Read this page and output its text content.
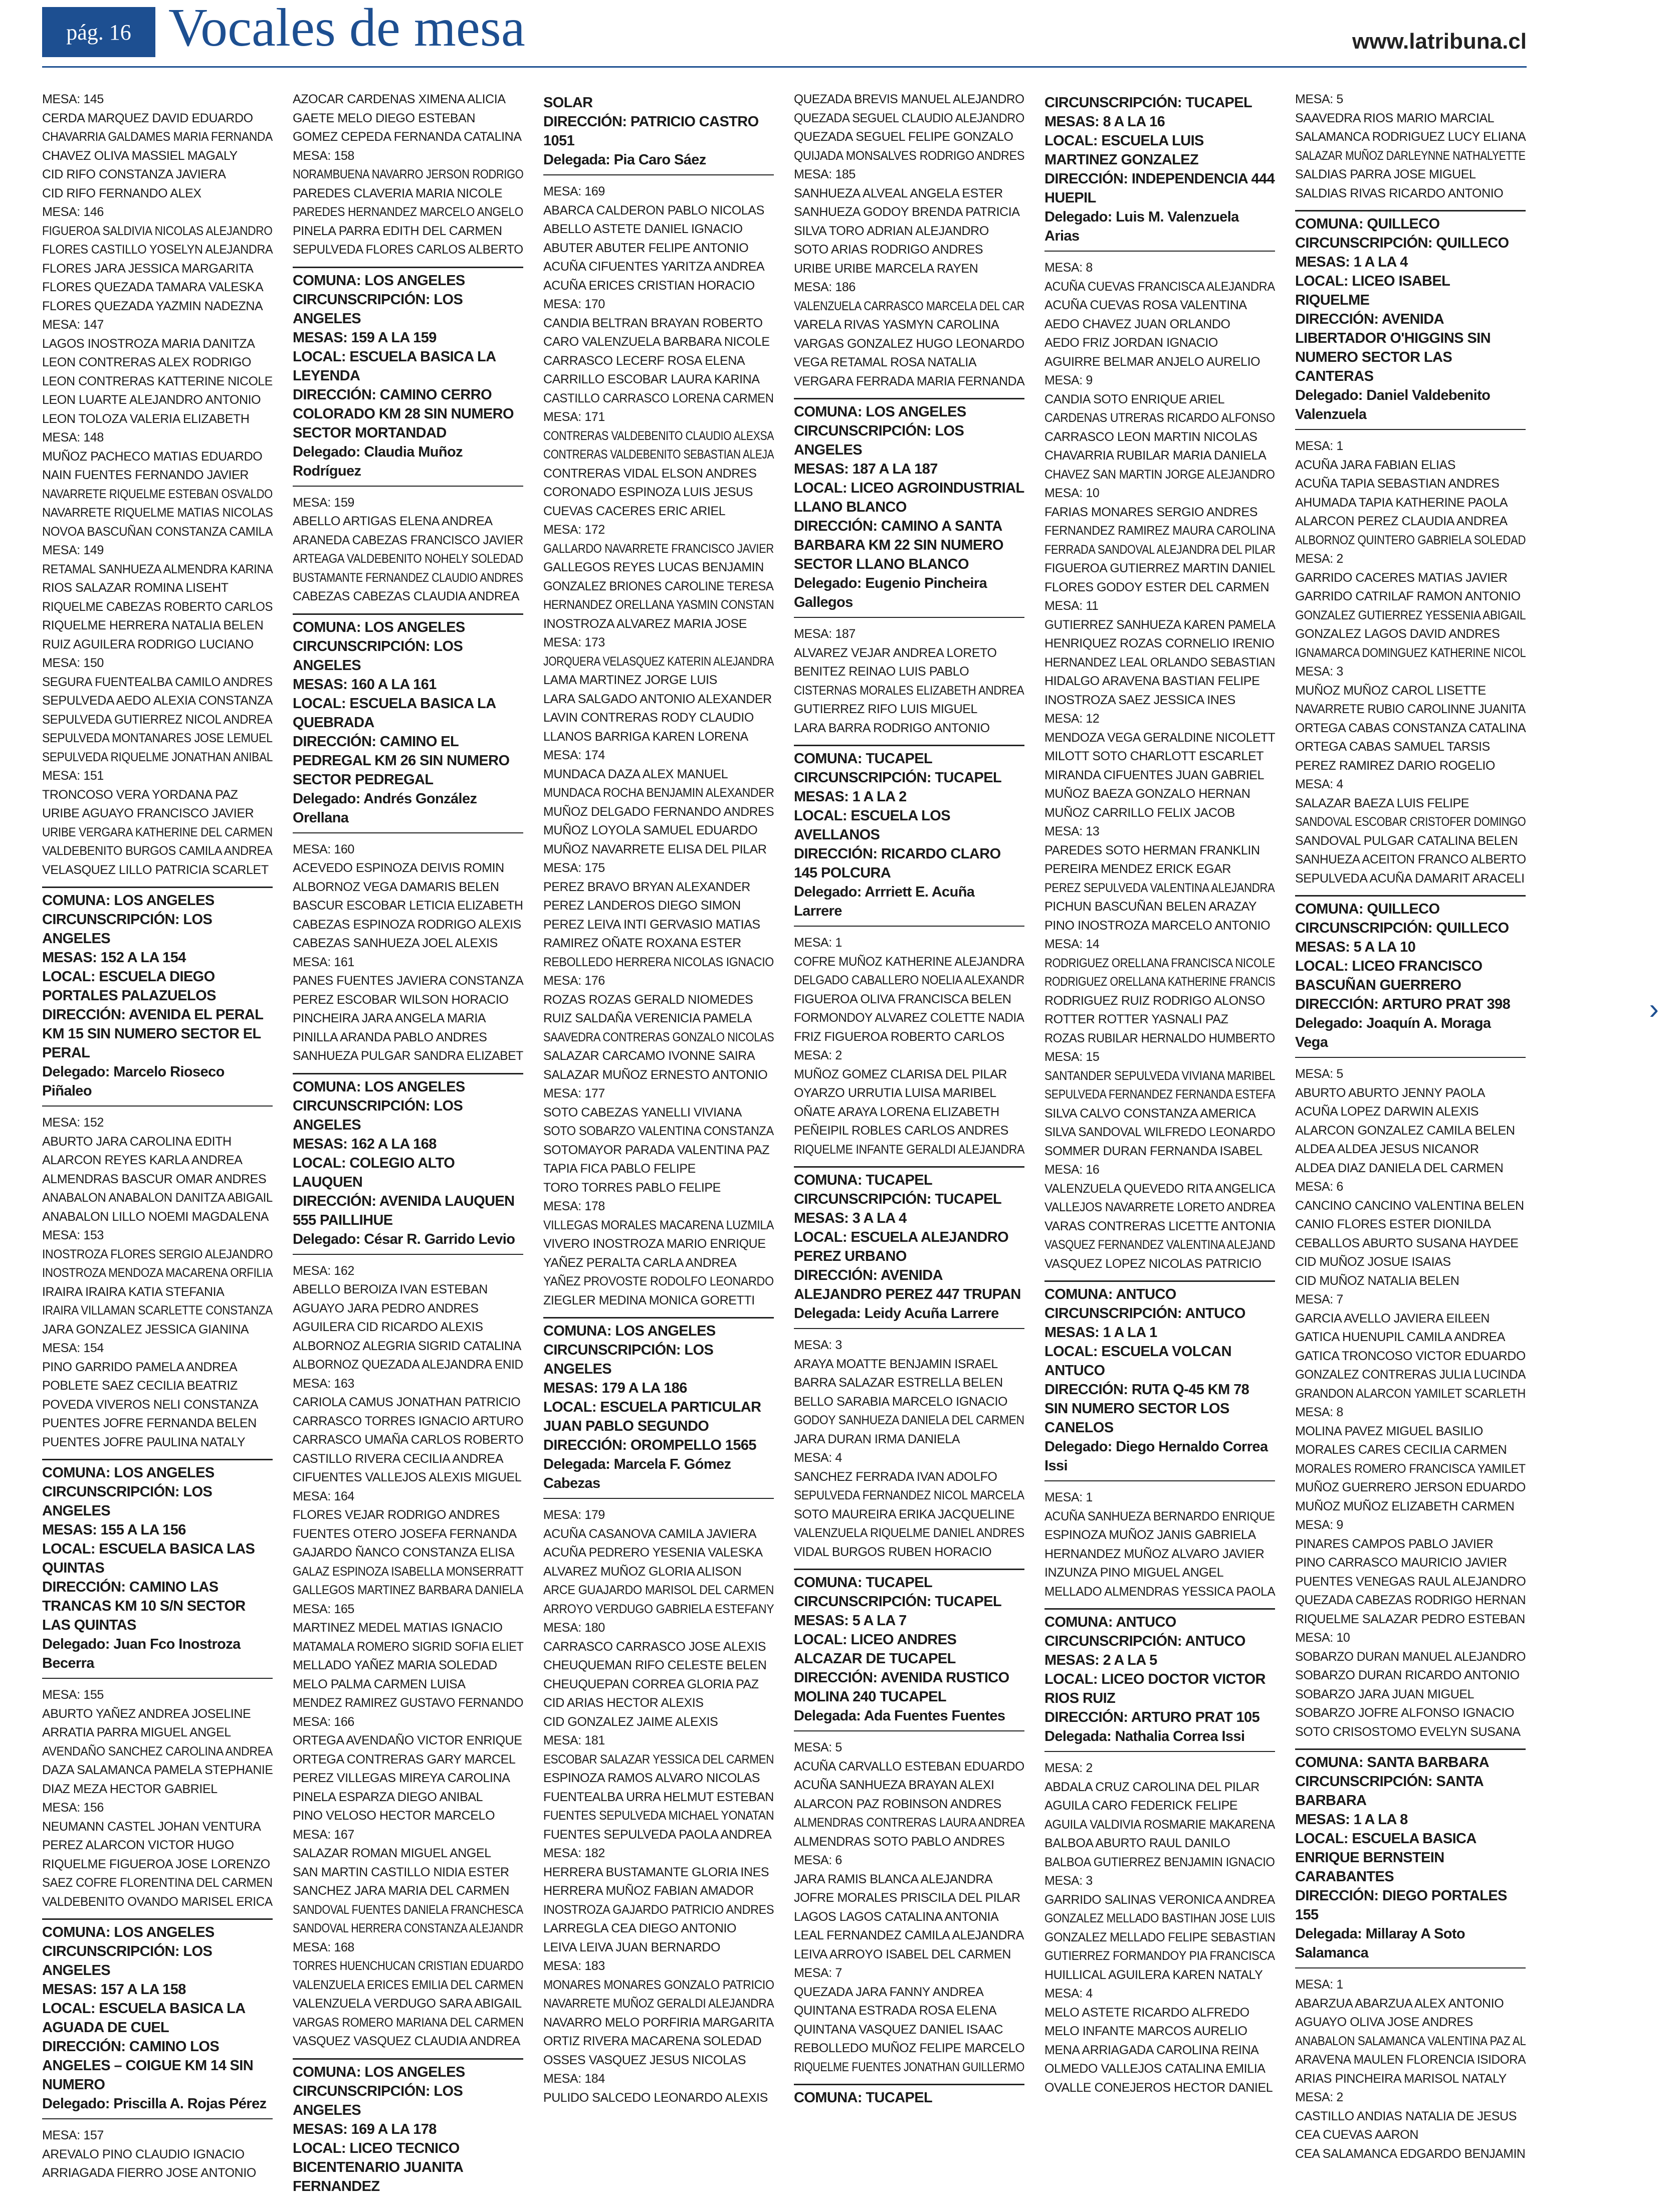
pág. 16 Vocales de mesa	www.latribuna.cl
MESA: 145
CERDA MARQUEZ DAVID EDUARDO
CHAVARRIA GALDAMES MARIA FERNANDA
CHAVEZ OLIVA MASSIEL MAGALY
CID RIFO CONSTANZA JAVIERA
CID RIFO FERNANDO ALEX
MESA: 146
FIGUEROA SALDIVIA NICOLAS ALEJANDRO
FLORES CASTILLO YOSELYN ALEJANDRA
FLORES JARA JESSICA MARGARITA
FLORES QUEZADA TAMARA VALESKA
FLORES QUEZADA YAZMIN NADEZNA
MESA: 147
LAGOS INOSTROZA MARIA DANITZA
LEON CONTRERAS ALEX RODRIGO
LEON CONTRERAS KATTERINE NICOLE
LEON LUARTE ALEJANDRO ANTONIO
LEON TOLOZA VALERIA ELIZABETH
MESA: 148
MUÑOZ PACHECO MATIAS EDUARDO
NAIN FUENTES FERNANDO JAVIER
NAVARRETE RIQUELME ESTEBAN OSVALDO
NAVARRETE RIQUELME MATIAS NICOLAS
NOVOA BASCUÑAN CONSTANZA CAMILA
MESA: 149
RETAMAL SANHUEZA ALMENDRA KARINA
RIOS SALAZAR ROMINA LISEHT
RIQUELME CABEZAS ROBERTO CARLOS
RIQUELME HERRERA NATALIA BELEN
RUIZ AGUILERA RODRIGO LUCIANO
MESA: 150
SEGURA FUENTEALBA CAMILO ANDRES
SEPULVEDA AEDO ALEXIA CONSTANZA
SEPULVEDA GUTIERREZ NICOL ANDREA
SEPULVEDA MONTANARES JOSE LEMUEL
SEPULVEDA RIQUELME JONATHAN ANIBAL
MESA: 151
TRONCOSO VERA YORDANA PAZ
URIBE AGUAYO FRANCISCO JAVIER
URIBE VERGARA KATHERINE DEL CARMEN
VALDEBENITO BURGOS CAMILA ANDREA
VELASQUEZ LILLO PATRICIA SCARLET
COMUNA: LOS ANGELES
CIRCUNSCRIPCIÓN: LOS ANGELES
MESAS: 152 A LA 154
LOCAL: ESCUELA DIEGO PORTALES PALAZUELOS
DIRECCIÓN: AVENIDA EL PERAL KM 15 SIN NUMERO SECTOR EL PERAL
Delegado: Marcelo Rioseco Piñaleo
MESA: 152
ABURTO JARA CAROLINA EDITH
ALARCON REYES KARLA ANDREA
ALMENDRAS BASCUR OMAR ANDRES
ANABALON ANABALON DANITZA ABIGAIL
ANABALON LILLO NOEMI MAGDALENA
MESA: 153
INOSTROZA FLORES SERGIO ALEJANDRO
INOSTROZA MENDOZA MACARENA ORFILIA
IRAIRA IRAIRA KATIA STEFANIA
IRAIRA VILLAMAN SCARLETTE CONSTANZA
JARA GONZALEZ JESSICA GIANINA
MESA: 154
PINO GARRIDO PAMELA ANDREA
POBLETE SAEZ CECILIA BEATRIZ
POVEDA VIVEROS NELI CONSTANZA
PUENTES JOFRE FERNANDA BELEN
PUENTES JOFRE PAULINA NATALY
COMUNA: LOS ANGELES
CIRCUNSCRIPCIÓN: LOS ANGELES
MESAS: 155 A LA 156
LOCAL: ESCUELA BASICA LAS QUINTAS
DIRECCIÓN: CAMINO LAS TRANCAS KM 10 S/N SECTOR LAS QUINTAS
Delegado: Juan Fco Inostroza Becerra
MESA: 155
ABURTO YAÑEZ ANDREA JOSELINE
ARRATIA PARRA MIGUEL ANGEL
AVENDAÑO SANCHEZ CAROLINA ANDREA
DAZA SALAMANCA PAMELA STEPHANIE
DIAZ MEZA HECTOR GABRIEL
MESA: 156
NEUMANN CASTEL JOHAN VENTURA
PEREZ ALARCON VICTOR HUGO
RIQUELME FIGUEROA JOSE LORENZO
SAEZ COFRE FLORENTINA DEL CARMEN
VALDEBENITO OVANDO MARISEL ERICA
COMUNA: LOS ANGELES
CIRCUNSCRIPCIÓN: LOS ANGELES
MESAS: 157 A LA 158
LOCAL: ESCUELA BASICA LA AGUADA DE CUEL
DIRECCIÓN: CAMINO LOS ANGELES – COIGUE KM 14 SIN NUMERO
Delegado: Priscilla A. Rojas Pérez
MESA: 157
AREVALO PINO CLAUDIO IGNACIO
ARRIAGADA FIERRO JOSE ANTONIO
AZOCAR CARDENAS XIMENA ALICIA
GAETE MELO DIEGO ESTEBAN
GOMEZ CEPEDA FERNANDA CATALINA
MESA: 158
NORAMBUENA NAVARRO JERSON RODRIGO
PAREDES CLAVERIA MARIA NICOLE
PAREDES HERNANDEZ MARCELO ANGELO
PINELA PARRA EDITH DEL CARMEN
SEPULVEDA FLORES CARLOS ALBERTO
COMUNA: LOS ANGELES
CIRCUNSCRIPCIÓN: LOS ANGELES
MESAS: 159 A LA 159
LOCAL: ESCUELA BASICA LA LEYENDA
DIRECCIÓN: CAMINO CERRO COLORADO KM 28 SIN NUMERO SECTOR MORTANDAD
Delegado: Claudia Muñoz Rodríguez
MESA: 159
ABELLO ARTIGAS ELENA ANDREA
ARANEDA CABEZAS FRANCISCO JAVIER
ARTEAGA VALDEBENITO NOHELY SOLEDAD
BUSTAMANTE FERNANDEZ CLAUDIO ANDRES
CABEZAS CABEZAS CLAUDIA ANDREA
COMUNA: LOS ANGELES
CIRCUNSCRIPCIÓN: LOS ANGELES
MESAS: 160 A LA 161
LOCAL: ESCUELA BASICA LA QUEBRADA
DIRECCIÓN: CAMINO EL PEDREGAL KM 26 SIN NUMERO SECTOR PEDREGAL
Delegado: Andrés González Orellana
MESA: 160
ACEVEDO ESPINOZA DEIVIS ROMIN
ALBORNOZ VEGA DAMARIS BELEN
BASCUR ESCOBAR LETICIA ELIZABETH
CABEZAS ESPINOZA RODRIGO ALEXIS
CABEZAS SANHUEZA JOEL ALEXIS
MESA: 161
PANES FUENTES JAVIERA CONSTANZA
PEREZ ESCOBAR WILSON HORACIO
PINCHEIRA JARA ANGELA MARIA
PINILLA ARANDA PABLO ANDRES
SANHUEZA PULGAR SANDRA ELIZABET
COMUNA: LOS ANGELES
CIRCUNSCRIPCIÓN: LOS ANGELES
MESAS: 162 A LA 168
LOCAL: COLEGIO ALTO LAUQUEN
DIRECCIÓN: AVENIDA LAUQUEN 555 PAILLIHUE
Delegado: César R. Garrido Levio
MESA: 162
ABELLO BEROIZA IVAN ESTEBAN
AGUAYO JARA PEDRO ANDRES
AGUILERA CID RICARDO ALEXIS
ALBORNOZ ALEGRIA SIGRID CATALINA
ALBORNOZ QUEZADA ALEJANDRA ENID
MESA: 163
CARIOLA CAMUS JONATHAN PATRICIO
CARRASCO TORRES IGNACIO ARTURO
CARRASCO UMAÑA CARLOS ROBERTO
CASTILLO RIVERA CECILIA ANDREA
CIFUENTES VALLEJOS ALEXIS MIGUEL
MESA: 164
FLORES VEJAR RODRIGO ANDRES
FUENTES OTERO JOSEFA FERNANDA
GAJARDO ÑANCO CONSTANZA ELISA
GALAZ ESPINOZA ISABELLA MONSERRATT
GALLEGOS MARTINEZ BARBARA DANIELA
MESA: 165
MARTINEZ MEDEL MATIAS IGNACIO
MATAMALA ROMERO SIGRID SOFIA ELIET
MELLADO YAÑEZ MARIA SOLEDAD
MELO PALMA CARMEN LUISA
MENDEZ RAMIREZ GUSTAVO FERNANDO
MESA: 166
ORTEGA AVENDAÑO VICTOR ENRIQUE
ORTEGA CONTRERAS GARY MARCEL
PEREZ VILLEGAS MIREYA CAROLINA
PINELA ESPARZA DIEGO ANIBAL
PINO VELOSO HECTOR MARCELO
MESA: 167
SALAZAR ROMAN MIGUEL ANGEL
SAN MARTIN CASTILLO NIDIA ESTER
SANCHEZ JARA MARIA DEL CARMEN
SANDOVAL FUENTES DANIELA FRANCHESCA
SANDOVAL HERRERA CONSTANZA ALEJANDR
MESA: 168
TORRES HUENCHUCAN CRISTIAN EDUARDO
VALENZUELA ERICES EMILIA DEL CARMEN
VALENZUELA VERDUGO SARA ABIGAIL
VARGAS ROMERO MARIANA DEL CARMEN
VASQUEZ VASQUEZ CLAUDIA ANDREA
COMUNA: LOS ANGELES
CIRCUNSCRIPCIÓN: LOS ANGELES
MESAS: 169 A LA 178
LOCAL: LICEO TECNICO BICENTENARIO JUANITA FERNANDEZ
SOLAR
DIRECCIÓN: PATRICIO CASTRO 1051
Delegada: Pia Caro Sáez
MESA: 169
ABARCA CALDERON PABLO NICOLAS
ABELLO ASTETE DANIEL IGNACIO
ABUTER ABUTER FELIPE ANTONIO
ACUÑA CIFUENTES YARITZA ANDREA
ACUÑA ERICES CRISTIAN HORACIO
MESA: 170
CANDIA BELTRAN BRAYAN ROBERTO
CARO VALENZUELA BARBARA NICOLE
CARRASCO LECERF ROSA ELENA
CARRILLO ESCOBAR LAURA KARINA
CASTILLO CARRASCO LORENA CARMEN
MESA: 171
CONTRERAS VALDEBENITO CLAUDIO ALEXSA
CONTRERAS VALDEBENITO SEBASTIAN ALEJA
CONTRERAS VIDAL ELSON ANDRES
CORONADO ESPINOZA LUIS JESUS
CUEVAS CACERES ERIC ARIEL
MESA: 172
GALLARDO NAVARRETE FRANCISCO JAVIER
GALLEGOS REYES LUCAS BENJAMIN
GONZALEZ BRIONES CAROLINE TERESA
HERNANDEZ ORELLANA YASMIN CONSTAN
INOSTROZA ALVAREZ MARIA JOSE
MESA: 173
JORQUERA VELASQUEZ KATERIN ALEJANDRA
LAMA MARTINEZ JORGE LUIS
LARA SALGADO ANTONIO ALEXANDER
LAVIN CONTRERAS RODY CLAUDIO
LLANOS BARRIGA KAREN LORENA
MESA: 174
MUNDACA DAZA ALEX MANUEL
MUNDACA ROCHA BENJAMIN ALEXANDER
MUÑOZ DELGADO FERNANDO ANDRES
MUÑOZ LOYOLA SAMUEL EDUARDO
MUÑOZ NAVARRETE ELISA DEL PILAR
MESA: 175
PEREZ BRAVO BRYAN ALEXANDER
PEREZ LANDEROS DIEGO SIMON
PEREZ LEIVA INTI GERVASIO MATIAS
RAMIREZ OÑATE ROXANA ESTER
REBOLLEDO HERRERA NICOLAS IGNACIO
MESA: 176
ROZAS ROZAS GERALD NIOMEDES
RUIZ SALDAÑA VERENICIA PAMELA
SAAVEDRA CONTRERAS GONZALO NICOLAS
SALAZAR CARCAMO IVONNE SAIRA
SALAZAR MUÑOZ ERNESTO ANTONIO
MESA: 177
SOTO CABEZAS YANELLI VIVIANA
SOTO SOBARZO VALENTINA CONSTANZA
SOTOMAYOR PARADA VALENTINA PAZ
TAPIA FICA PABLO FELIPE
TORO TORRES PABLO FELIPE
MESA: 178
VILLEGAS MORALES MACARENA LUZMILA
VIVERO INOSTROZA MARIO ENRIQUE
YAÑEZ PERALTA CARLA ANDREA
YAÑEZ PROVOSTE RODOLFO LEONARDO
ZIEGLER MEDINA MONICA GORETTI
COMUNA: LOS ANGELES
CIRCUNSCRIPCIÓN: LOS ANGELES
MESAS: 179 A LA 186
LOCAL: ESCUELA PARTICULAR JUAN PABLO SEGUNDO
DIRECCIÓN: OROMPELLO 1565
Delegada: Marcela F. Gómez Cabezas
MESA: 179
ACUÑA CASANOVA CAMILA JAVIERA
ACUÑA PEDRERO YESENIA VALESKA
ALVAREZ MUÑOZ GLORIA ALISON
ARCE GUAJARDO MARISOL DEL CARMEN
ARROYO VERDUGO GABRIELA ESTEFANY
MESA: 180
CARRASCO CARRASCO JOSE ALEXIS
CHEUQUEMAN RIFO CELESTE BELEN
CHEUQUEPAN CORREA GLORIA PAZ
CID ARIAS HECTOR ALEXIS
CID GONZALEZ JAIME ALEXIS
MESA: 181
ESCOBAR SALAZAR YESSICA DEL CARMEN
ESPINOZA RAMOS ALVARO NICOLAS
FUENTEALBA URRA HELMUT ESTEBAN
FUENTES SEPULVEDA MICHAEL YONATAN
FUENTES SEPULVEDA PAOLA ANDREA
MESA: 182
HERRERA BUSTAMANTE GLORIA INES
HERRERA MUÑOZ FABIAN AMADOR
INOSTROZA GAJARDO PATRICIO ANDRES
LARREGLA CEA DIEGO ANTONIO
LEIVA LEIVA JUAN BERNARDO
MESA: 183
MONARES MONARES GONZALO PATRICIO
NAVARRETE MUÑOZ GERALDI ALEJANDRA
NAVARRO MELO PORFIRIA MARGARITA
ORTIZ RIVERA MACARENA SOLEDAD
OSSES VASQUEZ JESUS NICOLAS
MESA: 184
PULIDO SALCEDO LEONARDO ALEXIS
QUEZADA BREVIS MANUEL ALEJANDRO
QUEZADA SEGUEL CLAUDIO ALEJANDRO
QUEZADA SEGUEL FELIPE GONZALO
QUIJADA MONSALVES RODRIGO ANDRES
MESA: 185
SANHUEZA ALVEAL ANGELA ESTER
SANHUEZA GODOY BRENDA PATRICIA
SILVA TORO ADRIAN ALEJANDRO
SOTO ARIAS RODRIGO ANDRES
URIBE URIBE MARCELA RAYEN
MESA: 186
VALENZUELA CARRASCO MARCELA DEL CAR
VARELA RIVAS YASMYN CAROLINA
VARGAS GONZALEZ HUGO LEONARDO
VEGA RETAMAL ROSA NATALIA
VERGARA FERRADA MARIA FERNANDA
COMUNA: LOS ANGELES
CIRCUNSCRIPCIÓN: LOS ANGELES
MESAS: 187 A LA 187
LOCAL: LICEO AGROINDUSTRIAL LLANO BLANCO
DIRECCIÓN: CAMINO A SANTA BARBARA KM 22 SIN NUMERO SECTOR LLANO BLANCO
Delegado: Eugenio Pincheira Gallegos
MESA: 187
ALVAREZ VEJAR ANDREA LORETO
BENITEZ REINAO LUIS PABLO
CISTERNAS MORALES ELIZABETH ANDREA
GUTIERREZ RIFO LUIS MIGUEL
LARA BARRA RODRIGO ANTONIO
COMUNA: TUCAPEL
CIRCUNSCRIPCIÓN: TUCAPEL
MESAS: 1 A LA 2
LOCAL: ESCUELA LOS AVELLANOS
DIRECCIÓN: RICARDO CLARO 145 POLCURA
Delegado: Arrriett E. Acuña Larrere
MESA: 1
COFRE MUÑOZ KATHERINE ALEJANDRA
DELGADO CABALLERO NOELIA ALEXANDR
FIGUEROA OLIVA FRANCISCA BELEN
FORMONDOY ALVAREZ COLETTE NADIA
FRIZ FIGUEROA ROBERTO CARLOS
MESA: 2
MUÑOZ GOMEZ CLARISA DEL PILAR
OYARZO URRUTIA LUISA MARIBEL
OÑATE ARAYA LORENA ELIZABETH
PEÑEIPIL ROBLES CARLOS ANDRES
RIQUELME INFANTE GERALDI ALEJANDRA
COMUNA: TUCAPEL
CIRCUNSCRIPCIÓN: TUCAPEL
MESAS: 3 A LA 4
LOCAL: ESCUELA ALEJANDRO PEREZ URBANO
DIRECCIÓN: AVENIDA ALEJANDRO PEREZ 447 TRUPAN
Delegada: Leidy Acuña Larrere
MESA: 3
ARAYA MOATTE BENJAMIN ISRAEL
BARRA SALAZAR ESTRELLA BELEN
BELLO SARABIA MARCELO IGNACIO
GODOY SANHUEZA DANIELA DEL CARMEN
JARA DURAN IRMA DANIELA
MESA: 4
SANCHEZ FERRADA IVAN ADOLFO
SEPULVEDA FERNANDEZ NICOL MARCELA
SOTO MAUREIRA ERIKA JACQUELINE
VALENZUELA RIQUELME DANIEL ANDRES
VIDAL BURGOS RUBEN HORACIO
COMUNA: TUCAPEL
CIRCUNSCRIPCIÓN: TUCAPEL
MESAS: 5 A LA 7
LOCAL: LICEO ANDRES ALCAZAR DE TUCAPEL
DIRECCIÓN: AVENIDA RUSTICO MOLINA 240 TUCAPEL
Delegada: Ada Fuentes Fuentes
MESA: 5
ACUÑA CARVALLO ESTEBAN EDUARDO
ACUÑA SANHUEZA BRAYAN ALEXI
ALARCON PAZ ROBINSON ANDRES
ALMENDRAS CONTRERAS LAURA ANDREA
ALMENDRAS SOTO PABLO ANDRES
MESA: 6
JARA RAMIS BLANCA ALEJANDRA
JOFRE MORALES PRISCILA DEL PILAR
LAGOS LAGOS CATALINA ANTONIA
LEAL FERNANDEZ CAMILA ALEJANDRA
LEIVA ARROYO ISABEL DEL CARMEN
MESA: 7
QUEZADA JARA FANNY ANDREA
QUINTANA ESTRADA ROSA ELENA
QUINTANA VASQUEZ DANIEL ISAAC
REBOLLEDO MUÑOZ FELIPE MARCELO
RIQUELME FUENTES JONATHAN GUILLERMO
COMUNA: TUCAPEL
CIRCUNSCRIPCIÓN: TUCAPEL
MESAS: 8 A LA 16
LOCAL: ESCUELA LUIS MARTINEZ GONZALEZ
DIRECCIÓN: INDEPENDENCIA 444 HUEPIL
Delegado: Luis M. Valenzuela Arias
MESA: 8
ACUÑA CUEVAS FRANCISCA ALEJANDRA
ACUÑA CUEVAS ROSA VALENTINA
AEDO CHAVEZ JUAN ORLANDO
AEDO FRIZ JORDAN IGNACIO
AGUIRRE BELMAR ANJELO AURELIO
MESA: 9
CANDIA SOTO ENRIQUE ARIEL
CARDENAS UTRERAS RICARDO ALFONSO
CARRASCO LEON MARTIN NICOLAS
CHAVARRIA RUBILAR MARIA DANIELA
CHAVEZ SAN MARTIN JORGE ALEJANDRO
MESA: 10
FARIAS MONARES SERGIO ANDRES
FERNANDEZ RAMIREZ MAURA CAROLINA
FERRADA SANDOVAL ALEJANDRA DEL PILAR
FIGUEROA GUTIERREZ MARTIN DANIEL
FLORES GODOY ESTER DEL CARMEN
MESA: 11
GUTIERREZ SANHUEZA KAREN PAMELA
HENRIQUEZ ROZAS CORNELIO IRENIO
HERNANDEZ LEAL ORLANDO SEBASTIAN
HIDALGO ARAVENA BASTIAN FELIPE
INOSTROZA SAEZ JESSICA INES
MESA: 12
MENDOZA VEGA GERALDINE NICOLETT
MILOTT SOTO CHARLOTT ESCARLET
MIRANDA CIFUENTES JUAN GABRIEL
MUÑOZ BAEZA GONZALO HERNAN
MUÑOZ CARRILLO FELIX JACOB
MESA: 13
PAREDES SOTO HERMAN FRANKLIN
PEREIRA MENDEZ ERICK EGAR
PEREZ SEPULVEDA VALENTINA ALEJANDRA
PICHUN BASCUÑAN BELEN ARAZAY
PINO INOSTROZA MARCELO ANTONIO
MESA: 14
RODRIGUEZ ORELLANA FRANCISCA NICOLE
RODRIGUEZ ORELLANA KATHERINE FRANCIS
RODRIGUEZ RUIZ RODRIGO ALONSO
ROTTER ROTTER YASNALI PAZ
ROZAS RUBILAR HERNALDO HUMBERTO
MESA: 15
SANTANDER SEPULVEDA VIVIANA MARIBEL
SEPULVEDA FERNANDEZ FERNANDA ESTEFA
SILVA CALVO CONSTANZA AMERICA
SILVA SANDOVAL WILFREDO LEONARDO
SOMMER DURAN FERNANDA ISABEL
MESA: 16
VALENZUELA QUEVEDO RITA ANGELICA
VALLEJOS NAVARRETE LORETO ANDREA
VARAS CONTRERAS LICETTE ANTONIA
VASQUEZ FERNANDEZ VALENTINA ALEJAND
VASQUEZ LOPEZ NICOLAS PATRICIO
COMUNA: ANTUCO
CIRCUNSCRIPCIÓN: ANTUCO
MESAS: 1 A LA 1
LOCAL: ESCUELA VOLCAN ANTUCO
DIRECCIÓN: RUTA Q-45 KM 78 SIN NUMERO SECTOR LOS CANELOS
Delegado: Diego Hernaldo Correa Issi
MESA: 1
ACUÑA SANHUEZA BERNARDO ENRIQUE
ESPINOZA MUÑOZ JANIS GABRIELA
HERNANDEZ MUÑOZ ALVARO JAVIER
INZUNZA PINO MIGUEL ANGEL
MELLADO ALMENDRAS YESSICA PAOLA
COMUNA: ANTUCO
CIRCUNSCRIPCIÓN: ANTUCO
MESAS: 2 A LA 5
LOCAL: LICEO DOCTOR VICTOR RIOS RUIZ
DIRECCIÓN: ARTURO PRAT 105
Delegada: Nathalia Correa Issi
MESA: 2
ABDALA CRUZ CAROLINA DEL PILAR
AGUILA CARO FEDERICK FELIPE
AGUILA VALDIVIA ROSMARIE MAKARENA
BALBOA ABURTO RAUL DANILO
BALBOA GUTIERREZ BENJAMIN IGNACIO
MESA: 3
GARRIDO SALINAS VERONICA ANDREA
GONZALEZ MELLADO BASTIHAN JOSE LUIS
GONZALEZ MELLADO FELIPE SEBASTIAN
GUTIERREZ FORMANDOY PIA FRANCISCA
HUILLICAL AGUILERA KAREN NATALY
MESA: 4
MELO ASTETE RICARDO ALFREDO
MELO INFANTE MARCOS AURELIO
MENA ARRIAGADA CAROLINA REINA
OLMEDO VALLEJOS CATALINA EMILIA
OVALLE CONEJEROS HECTOR DANIEL
MESA: 5
SAAVEDRA RIOS MARIO MARCIAL
SALAMANCA RODRIGUEZ LUCY ELIANA
SALAZAR MUÑOZ DARLEYNNE NATHALYETTE
SALDIAS PARRA JOSE MIGUEL
SALDIAS RIVAS RICARDO ANTONIO
COMUNA: QUILLECO
CIRCUNSCRIPCIÓN: QUILLECO
MESAS: 1 A LA 4
LOCAL: LICEO ISABEL RIQUELME
DIRECCIÓN: AVENIDA LIBERTADOR O'HIGGINS SIN NUMERO SECTOR LAS CANTERAS
Delegado: Daniel Valdebenito Valenzuela
MESA: 1
ACUÑA JARA FABIAN ELIAS
ACUÑA TAPIA SEBASTIAN ANDRES
AHUMADA TAPIA KATHERINE PAOLA
ALARCON PEREZ CLAUDIA ANDREA
ALBORNOZ QUINTERO GABRIELA SOLEDAD
MESA: 2
GARRIDO CACERES MATIAS JAVIER
GARRIDO CATRILAF RAMON ANTONIO
GONZALEZ GUTIERREZ YESSENIA ABIGAIL
GONZALEZ LAGOS DAVID ANDRES
IGNAMARCA DOMINGUEZ KATHERINE NICOL
MESA: 3
MUÑOZ MUÑOZ CAROL LISETTE
NAVARRETE RUBIO CAROLINNE JUANITA
ORTEGA CABAS CONSTANZA CATALINA
ORTEGA CABAS SAMUEL TARSIS
PEREZ RAMIREZ DARIO ROGELIO
MESA: 4
SALAZAR BAEZA LUIS FELIPE
SANDOVAL ESCOBAR CRISTOFER DOMINGO
SANDOVAL PULGAR CATALINA BELEN
SANHUEZA ACEITON FRANCO ALBERTO
SEPULVEDA ACUÑA DAMARIT ARACELI
COMUNA: QUILLECO
CIRCUNSCRIPCIÓN: QUILLECO
MESAS: 5 A LA 10
LOCAL: LICEO FRANCISCO BASCUÑAN GUERRERO
DIRECCIÓN: ARTURO PRAT 398
Delegado: Joaquín A. Moraga Vega
MESA: 5
ABURTO ABURTO JENNY PAOLA
ACUÑA LOPEZ DARWIN ALEXIS
ALARCON GONZALEZ CAMILA BELEN
ALDEA ALDEA JESUS NICANOR
ALDEA DIAZ DANIELA DEL CARMEN
MESA: 6
CANCINO CANCINO VALENTINA BELEN
CANIO FLORES ESTER DIONILDA
CEBALLOS ABURTO SUSANA HAYDEE
CID MUÑOZ JOSUE ISAIAS
CID MUÑOZ NATALIA BELEN
MESA: 7
GARCIA AVELLO JAVIERA EILEEN
GATICA HUENUPIL CAMILA ANDREA
GATICA TRONCOSO VICTOR EDUARDO
GONZALEZ CONTRERAS JULIA LUCINDA
GRANDON ALARCON YAMILET SCARLETH
MESA: 8
MOLINA PAVEZ MIGUEL BASILIO
MORALES CARES CECILIA CARMEN
MORALES ROMERO FRANCISCA YAMILET
MUÑOZ GUERRERO JERSON EDUARDO
MUÑOZ MUÑOZ ELIZABETH CARMEN
MESA: 9
PINARES CAMPOS PABLO JAVIER
PINO CARRASCO MAURICIO JAVIER
PUENTES VENEGAS RAUL ALEJANDRO
QUEZADA CABEZAS RODRIGO HERNAN
RIQUELME SALAZAR PEDRO ESTEBAN
MESA: 10
SOBARZO DURAN MANUEL ALEJANDRO
SOBARZO DURAN RICARDO ANTONIO
SOBARZO JARA JUAN MIGUEL
SOBARZO JOFRE ALFONSO IGNACIO
SOTO CRISOSTOMO EVELYN SUSANA
COMUNA: SANTA BARBARA
CIRCUNSCRIPCIÓN: SANTA BARBARA
MESAS: 1 A LA 8
LOCAL: ESCUELA BASICA ENRIQUE BERNSTEIN CARABANTES
DIRECCIÓN: DIEGO PORTALES 155
Delegada: Millaray A Soto Salamanca
MESA: 1
ABARZUA ABARZUA ALEX ANTONIO
AGUAYO OLIVA JOSE ANDRES
ANABALON SALAMANCA VALENTINA PAZ AL
ARAVENA MAULEN FLORENCIA ISIDORA
ARIAS PINCHEIRA MARISOL NATALY
MESA: 2
CASTILLO ANDIAS NATALIA DE JESUS
CEA CUEVAS AARON
CEA SALAMANCA EDGARDO BENJAMIN
›
